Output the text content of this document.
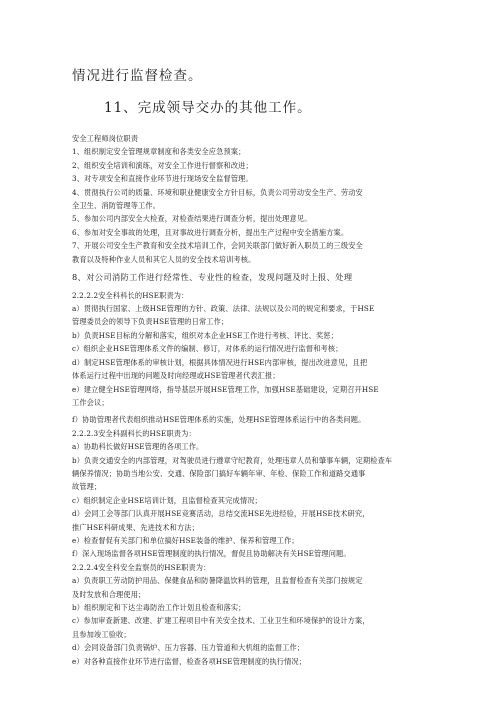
情况进行监督检查。
11、完成领导交办的其他工作。
安全工程师岗位职责
1、组织制定安全管理规章制度和各类安全应急预案；
2、组织安全培训和演练，对安全工作进行督察和改进；
3、对专项安全和直接作业环节进行现场安全监督管理。
4、贯彻执行公司的质量、环境和职业健康安全方针目标，负责公司劳动安全生产、劳动安
全卫生、消防管理等工作。
5、参加公司内部安全大检查，对检查结果进行调查分析，提出处理意见。
6、参加对安全事故的处理，且对事故进行调查分析，提出生产过程中安全措施方案。
7、开展公司安全生产教育和安全技术培训工作，会同关联部门做好新入职员工的三级安全
教育以及特种作业人员和其它人员的安全技术培训考核。
8、对公司消防工作进行经常性、专业性的检查，发现问题及时上报、处理
2.2.2.2安全科科长的HSE职责为：
a）贯彻执行国家、上级HSE管理的方针、政策、法律、法规以及公司的规定和要求，于HSE
管理委员会的领导下负责HSE管理的日常工作；
b）负责HSE目标的分解和落实，组织对本企业HSE工作进行考核、评比、奖惩；
c）组织企业HSE管理体系文件的编制、修订，对体系的运行情况进行监督和考核；
d）制定HSE管理体系的审核计划，根据具体情况进行HSE内部审核，提出改进意见，且把
体系运行过程中出现的问题及时向经理或HSE管理者代表汇报；
e）建立健全HSE管理网络，指导基层开展HSE管理工作，加强HSE基础建设，定期召开HSE
工作会议；
f）协助管理者代表组织推动HSE管理体系的实施，处理HSE管理体系运行中的各类问题。
2.2.2.3安全科副科长的HSE职责为：
a）协助科长做好HSE管理的各项工作。
b）负责交通安全的内部管理，对驾驶员进行遵章守纪教育，处理违章人员和肇事车辆，定期检查车
辆保养情况；协助当地公安、交通、保险部门搞好车辆年审、年检、保险工作和道路交通事
故管理；
c）组织制定企业HSE培训计划，且监督检查其完成情况；
d）会同工会等部门认真开展HSE竞赛活动，总结交流HSE先进经验，开展HSE技术研究，
推广HSE科研成果、先进技术和方法；
e）检查督促有关部门和单位搞好HSE装备的维护、保养和管理工作；
f）深入现场监督各项HSE管理制度的执行情况，督促且协助解决有关HSE管理问题。
2.2.2.4安全科安全监察员的HSE职责为：
a）负责职工劳动防护用品、保健食品和防暑降温饮料的管理，且监督检查有关部门按规定
及时发放和合理使用；
b）组织制定和下达尘毒防治工作计划且检查和落实；
c）参加审查新建、改建、扩建工程项目中有关安全技术、工业卫生和环境保护的设计方案，
且参加竣工验收；
d）会同设备部门负责锅炉、压力容器、压力管道和大机组的监督工作；
e）对各种直接作业环节进行监督，检查各项HSE管理制度的执行情况；
